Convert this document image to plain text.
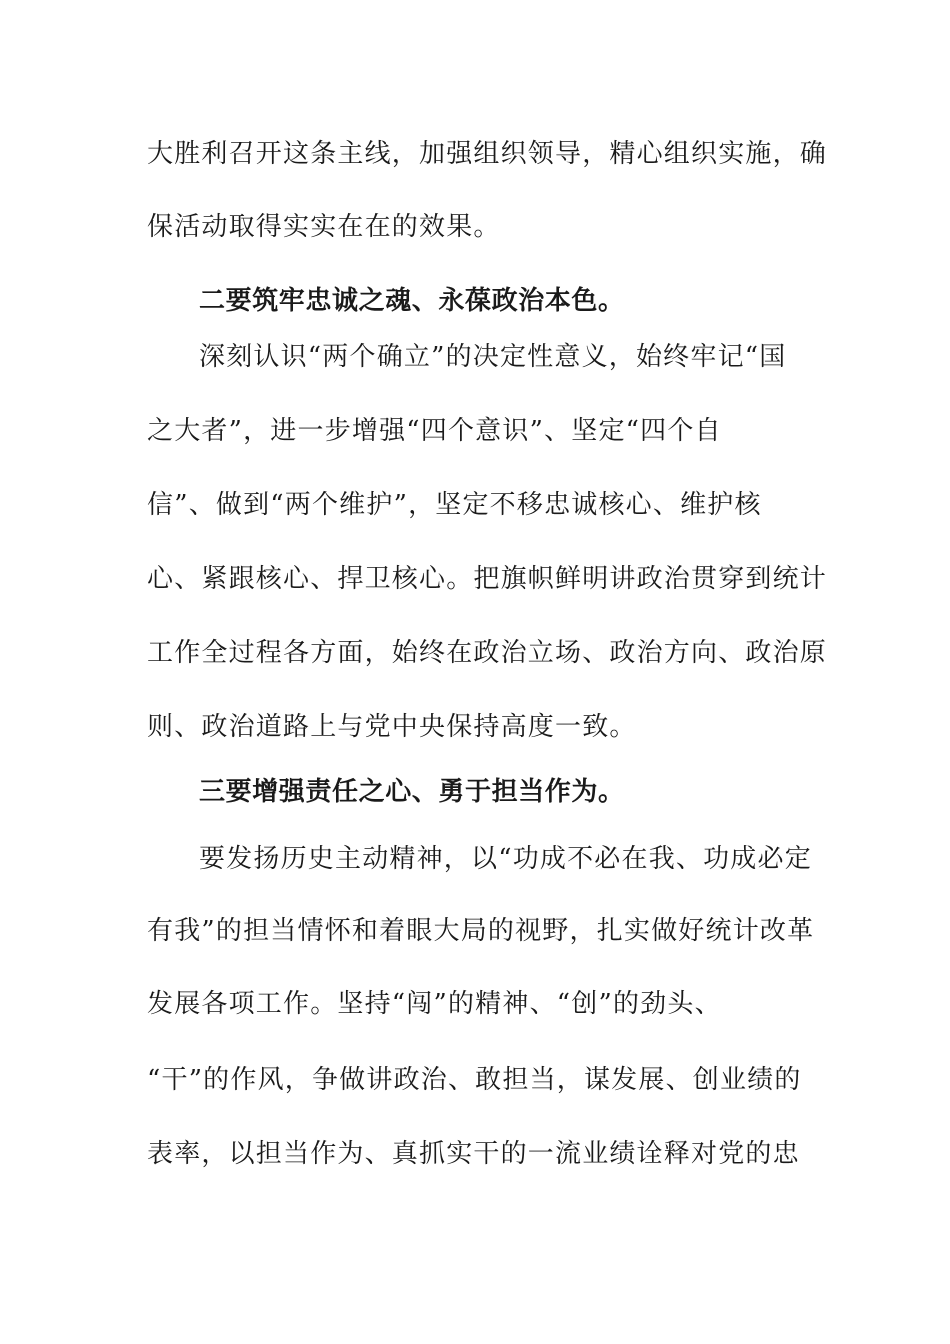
大胜利召开这条主线，加强组织领导，精心组织实施，确
保活动取得实实在在的效果。
二要筑牢忠诚之魂、永葆政治本色。
深刻认识“两个确立”的决定性意义，始终牢记“国
之大者”，进一步增强“四个意识”、坚定“四个自
信”、做到“两个维护”，坚定不移忠诚核心、维护核
心、紧跟核心、捍卫核心。把旗帜鲜明讲政治贯穿到统计
工作全过程各方面，始终在政治立场、政治方向、政治原
则、政治道路上与党中央保持高度一致。
三要增强责任之心、勇于担当作为。
要发扬历史主动精神，以“功成不必在我、功成必定
有我”的担当情怀和着眼大局的视野，扎实做好统计改革
发展各项工作。坚持“闯”的精神、“创”的劲头、
“干”的作风，争做讲政治、敢担当，谋发展、创业绩的
表率，以担当作为、真抓实干的一流业绩诠释对党的忠
